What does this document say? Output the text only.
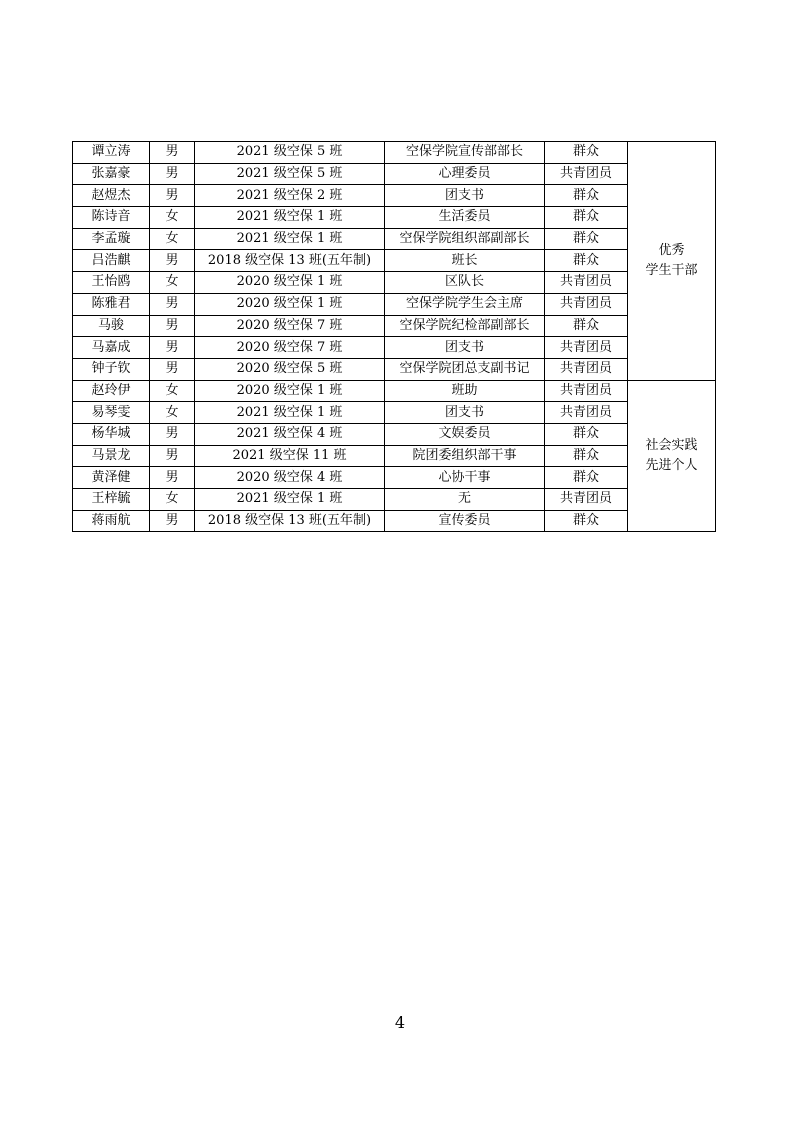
谭立涛	男	2021 级空保 5 班	空保学院宣传部部长	群众	优秀
学生干部

张嘉豪	男	2021 级空保 5 班	心理委员	共青团员	
赵煜杰	男	2021 级空保 2 班	团支书	群众	
陈诗音	女	2021 级空保 1 班	生活委员	群众	
李孟璇	女	2021 级空保 1 班	空保学院组织部副部长	群众	
吕浩麒	男	2018 级空保 13 班(五年制)	班长	群众	
王怡鸥	女	2020 级空保 1 班	区队长	共青团员	
陈雅君	男	2020 级空保 1 班	空保学院学生会主席	共青团员	
马骏	男	2020 级空保 7 班	空保学院纪检部副部长	群众	
马嘉成	男	2020 级空保 7 班	团支书	共青团员	
钟子钦	男	2020 级空保 5 班	空保学院团总支副书记	共青团员	
赵玲伊	女	2020 级空保 1 班	班助	共青团员	社会实践
先进个人

易琴雯	女	2021 级空保 1 班	团支书	共青团员	
杨华城	男	2021 级空保 4 班	文娱委员	群众	
马景龙	男	2021 级空保 11 班	院团委组织部干事	群众	
黄泽健	男	2020 级空保 4 班	心协干事	群众	
王梓毓	女	2021 级空保 1 班	无	共青团员	
蒋雨航	男	2018 级空保 13 班(五年制)	宣传委员	群众	
4
